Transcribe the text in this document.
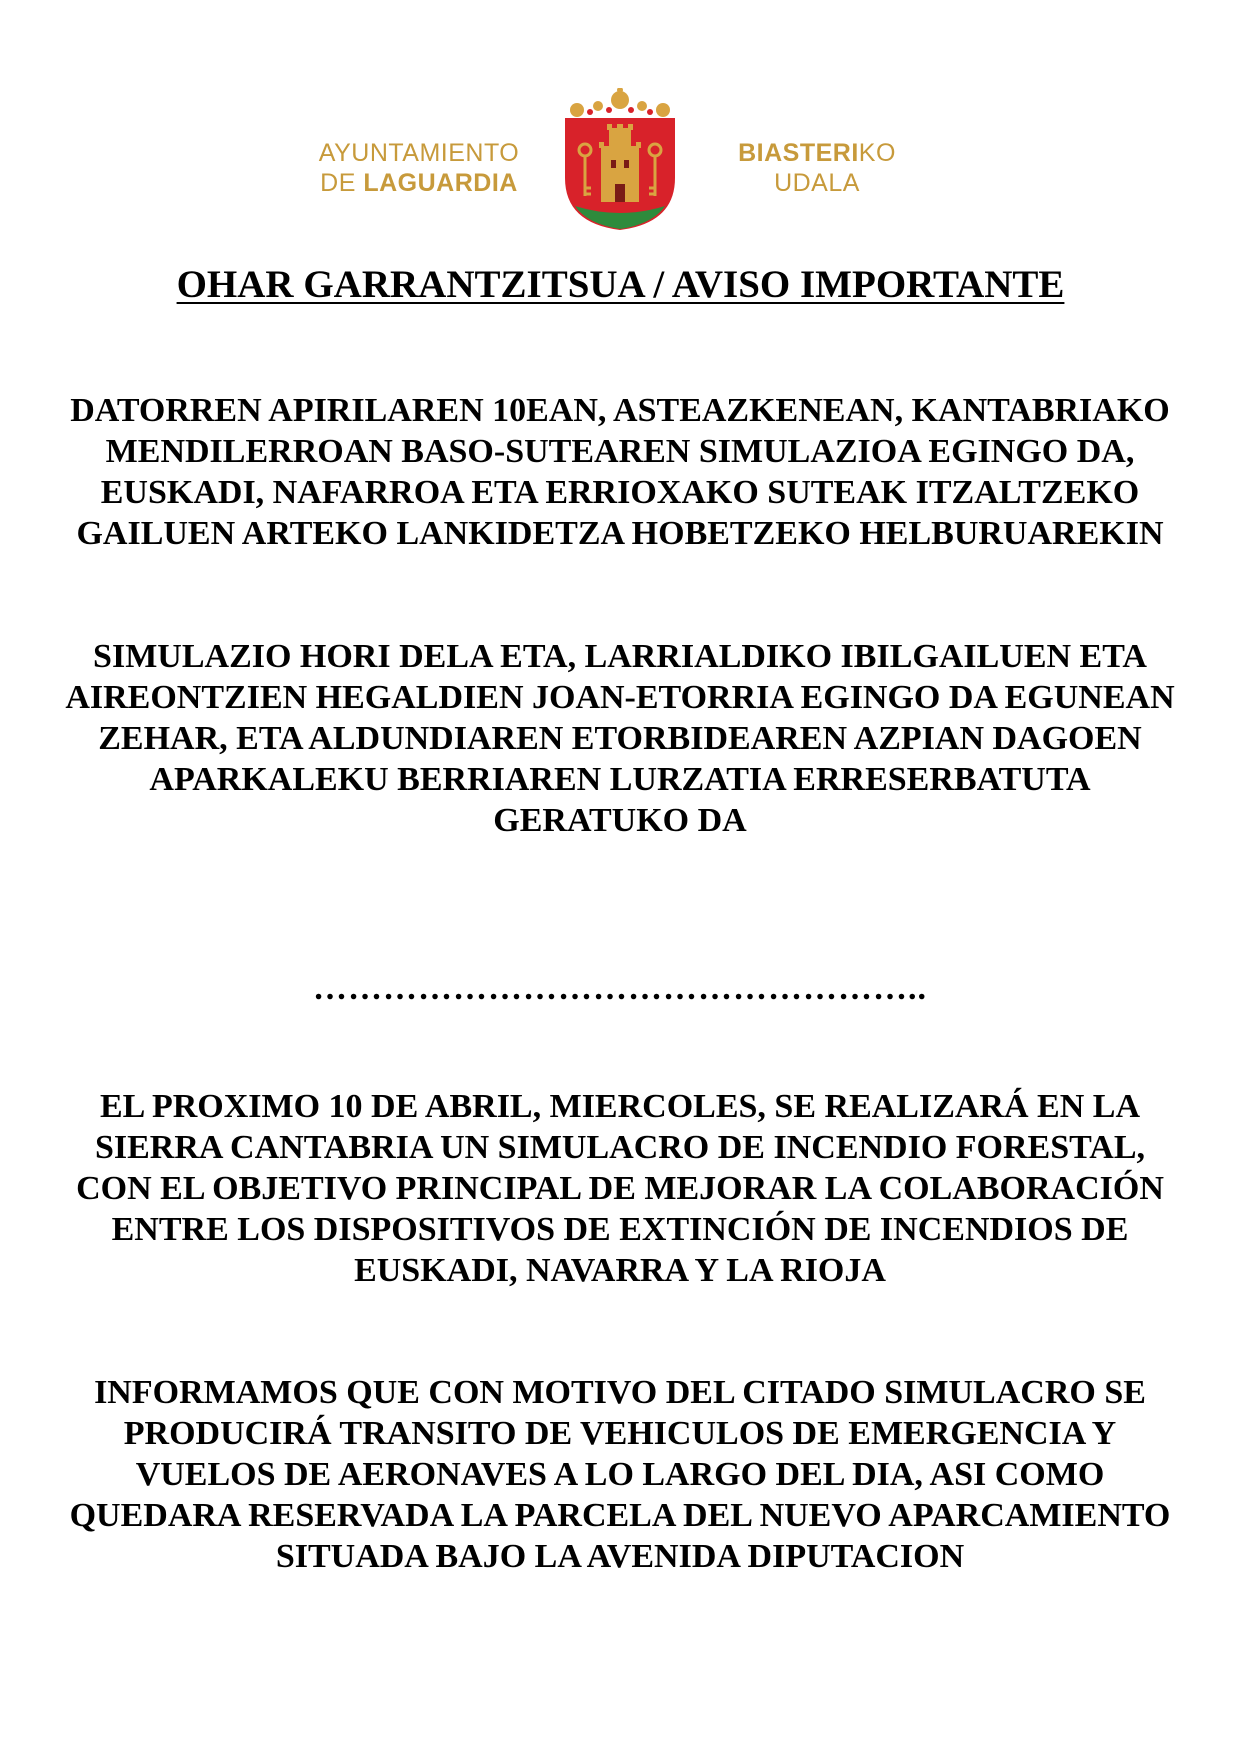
AYUNTAMIENTO
DE LAGUARDIA
BIASTERIKO
UDALA
OHAR GARRANTZITSUA / AVISO IMPORTANTE
DATORREN APIRILAREN 10EAN, ASTEAZKENEAN, KANTABRIAKO MENDILERROAN BASO-SUTEAREN SIMULAZIOA EGINGO DA, EUSKADI, NAFARROA ETA ERRIOXAKO SUTEAK ITZALTZEKO GAILUEN ARTEKO LANKIDETZA HOBETZEKO HELBURUAREKIN
SIMULAZIO HORI DELA ETA, LARRIALDIKO IBILGAILUEN ETA AIREONTZIEN HEGALDIEN JOAN-ETORRIA EGINGO DA EGUNEAN ZEHAR, ETA ALDUNDIAREN ETORBIDEAREN AZPIAN DAGOEN APARKALEKU BERRIAREN LURZATIA ERRESERBATUTA GERATUKO DA
……………………………………………..
EL PROXIMO 10 DE ABRIL, MIERCOLES, SE REALIZARÁ EN LA SIERRA CANTABRIA UN SIMULACRO DE INCENDIO FORESTAL, CON EL OBJETIVO PRINCIPAL DE MEJORAR LA COLABORACIÓN ENTRE LOS DISPOSITIVOS DE EXTINCIÓN DE INCENDIOS DE EUSKADI, NAVARRA Y LA RIOJA
INFORMAMOS QUE CON MOTIVO DEL CITADO SIMULACRO SE PRODUCIRÁ TRANSITO DE VEHICULOS DE EMERGENCIA Y VUELOS DE AERONAVES A LO LARGO DEL DIA, ASI COMO QUEDARA RESERVADA LA PARCELA DEL NUEVO APARCAMIENTO SITUADA BAJO LA AVENIDA DIPUTACION
